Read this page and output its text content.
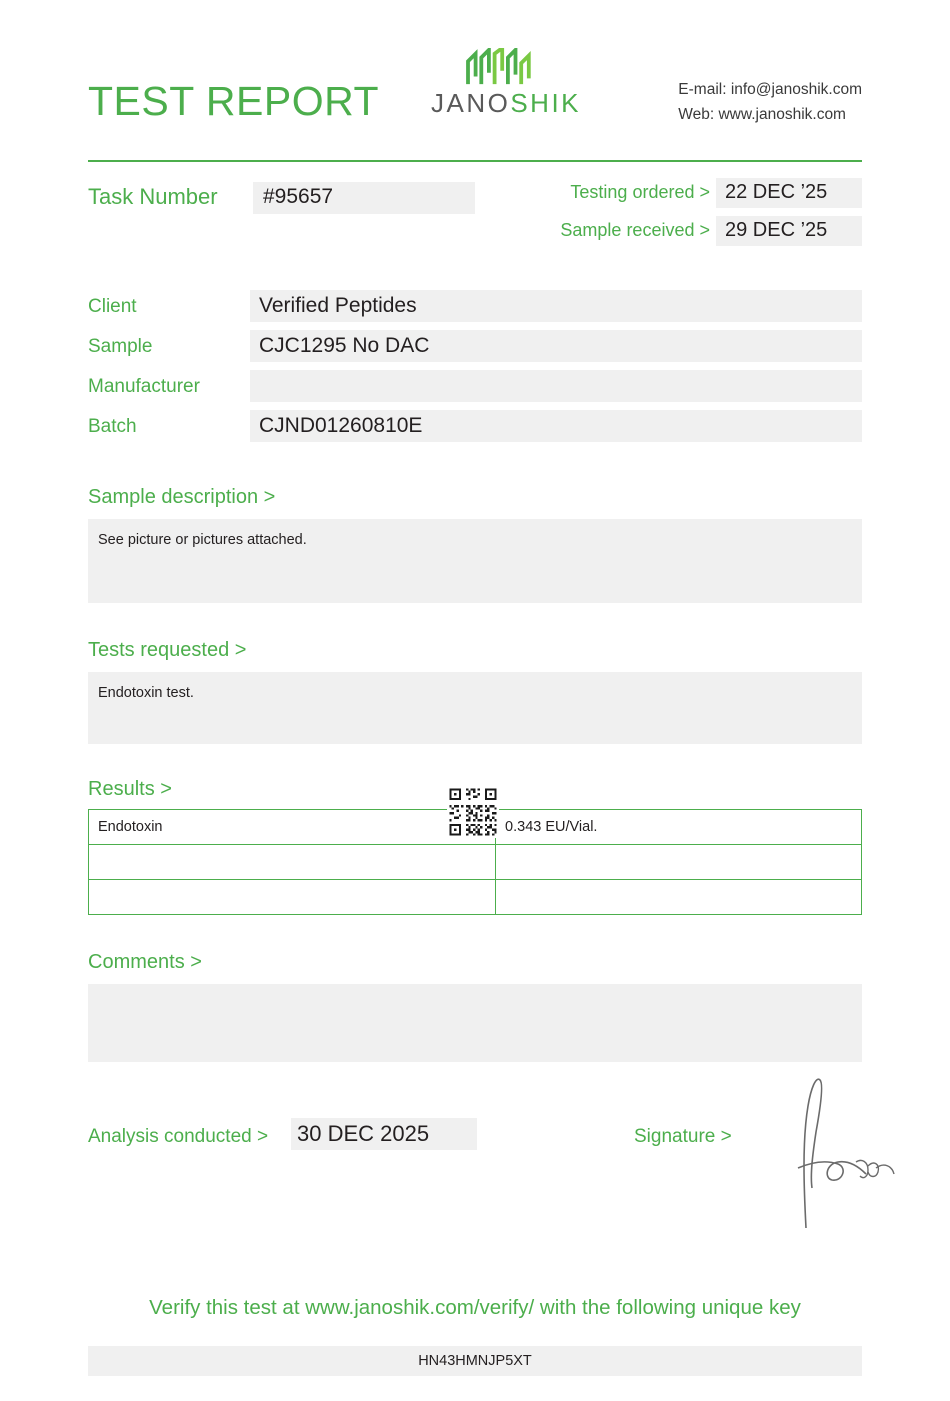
TEST REPORT	JANOSHIK	E-mail: info@janoshik.com
Web: www.janoshik.com
Task Number	#95657	Testing ordered > 22 DEC ’25
Sample received > 29 DEC ’25
Client	Verified Peptides
Sample	CJC1295 No DAC
Manufacturer
Batch	CJND01260810E
Sample description >
See picture or pictures attached.
Tests requested >
Endotoxin test.
Results >
Endotoxin	0.343 EU/Vial.

Comments >
Analysis conducted > 30 DEC 2025	Signature >
Verify this test at www.janoshik.com/verify/ with the following unique key
HN43HMNJP5XT
